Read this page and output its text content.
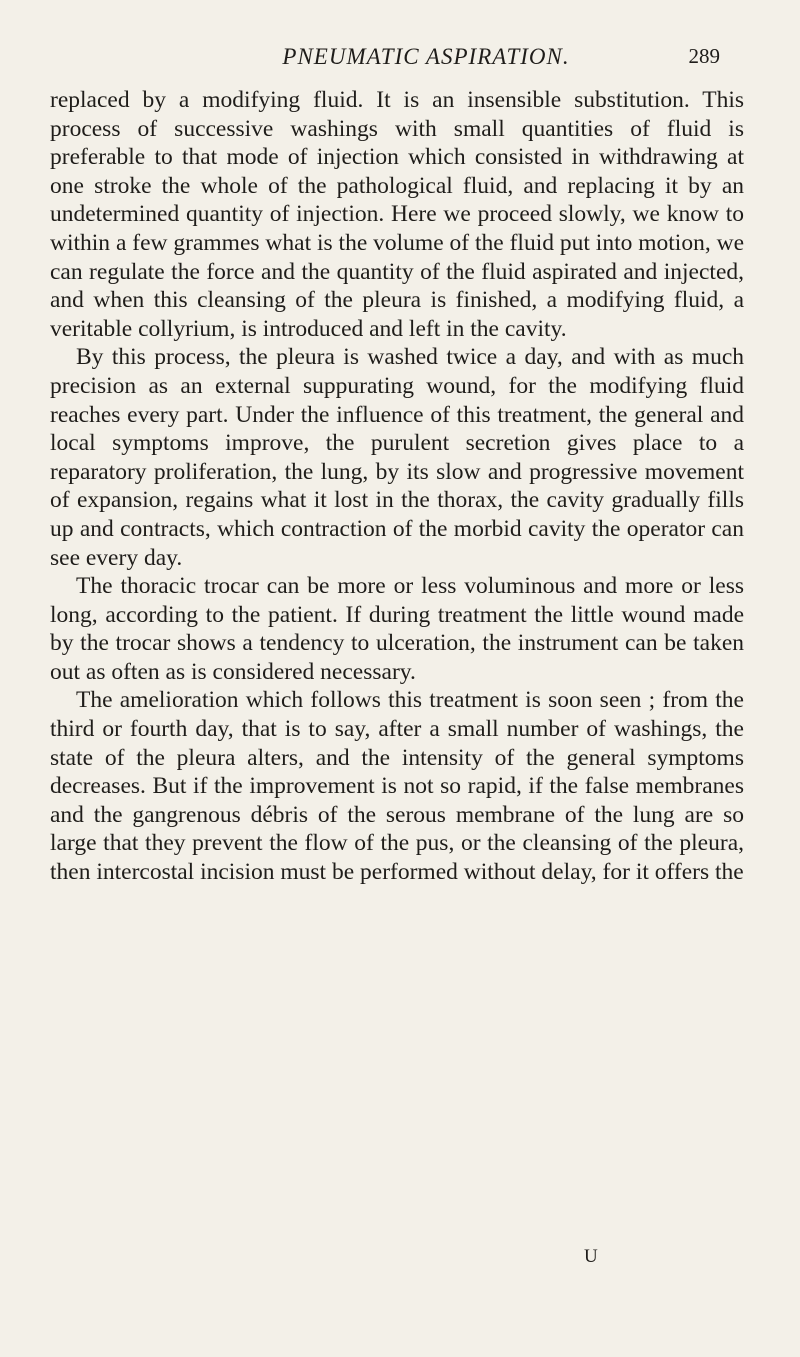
PNEUMATIC ASPIRATION.	289

replaced by a modifying fluid. It is an insensible substitution. This process of successive washings with small quantities of fluid is preferable to that mode of injection which consisted in withdrawing at one stroke the whole of the pathological fluid, and replacing it by an undetermined quantity of injection. Here we proceed slowly, we know to within a few grammes what is the volume of the fluid put into motion, we can regulate the force and the quantity of the fluid aspirated and injected, and when this cleansing of the pleura is finished, a modifying fluid, a veritable collyrium, is introduced and left in the cavity.

By this process, the pleura is washed twice a day, and with as much precision as an external suppurating wound, for the modifying fluid reaches every part. Under the influence of this treatment, the general and local symptoms improve, the purulent secretion gives place to a reparatory proliferation, the lung, by its slow and progressive movement of expansion, regains what it lost in the thorax, the cavity gradually fills up and contracts, which contraction of the morbid cavity the operator can see every day.

The thoracic trocar can be more or less voluminous and more or less long, according to the patient. If during treatment the little wound made by the trocar shows a tendency to ulceration, the instrument can be taken out as often as is considered necessary.

The amelioration which follows this treatment is soon seen ; from the third or fourth day, that is to say, after a small number of washings, the state of the pleura alters, and the intensity of the general symptoms decreases. But if the improvement is not so rapid, if the false membranes and the gangrenous débris of the serous membrane of the lung are so large that they prevent the flow of the pus, or the cleansing of the pleura, then intercostal incision must be performed without delay, for it offers the

U
